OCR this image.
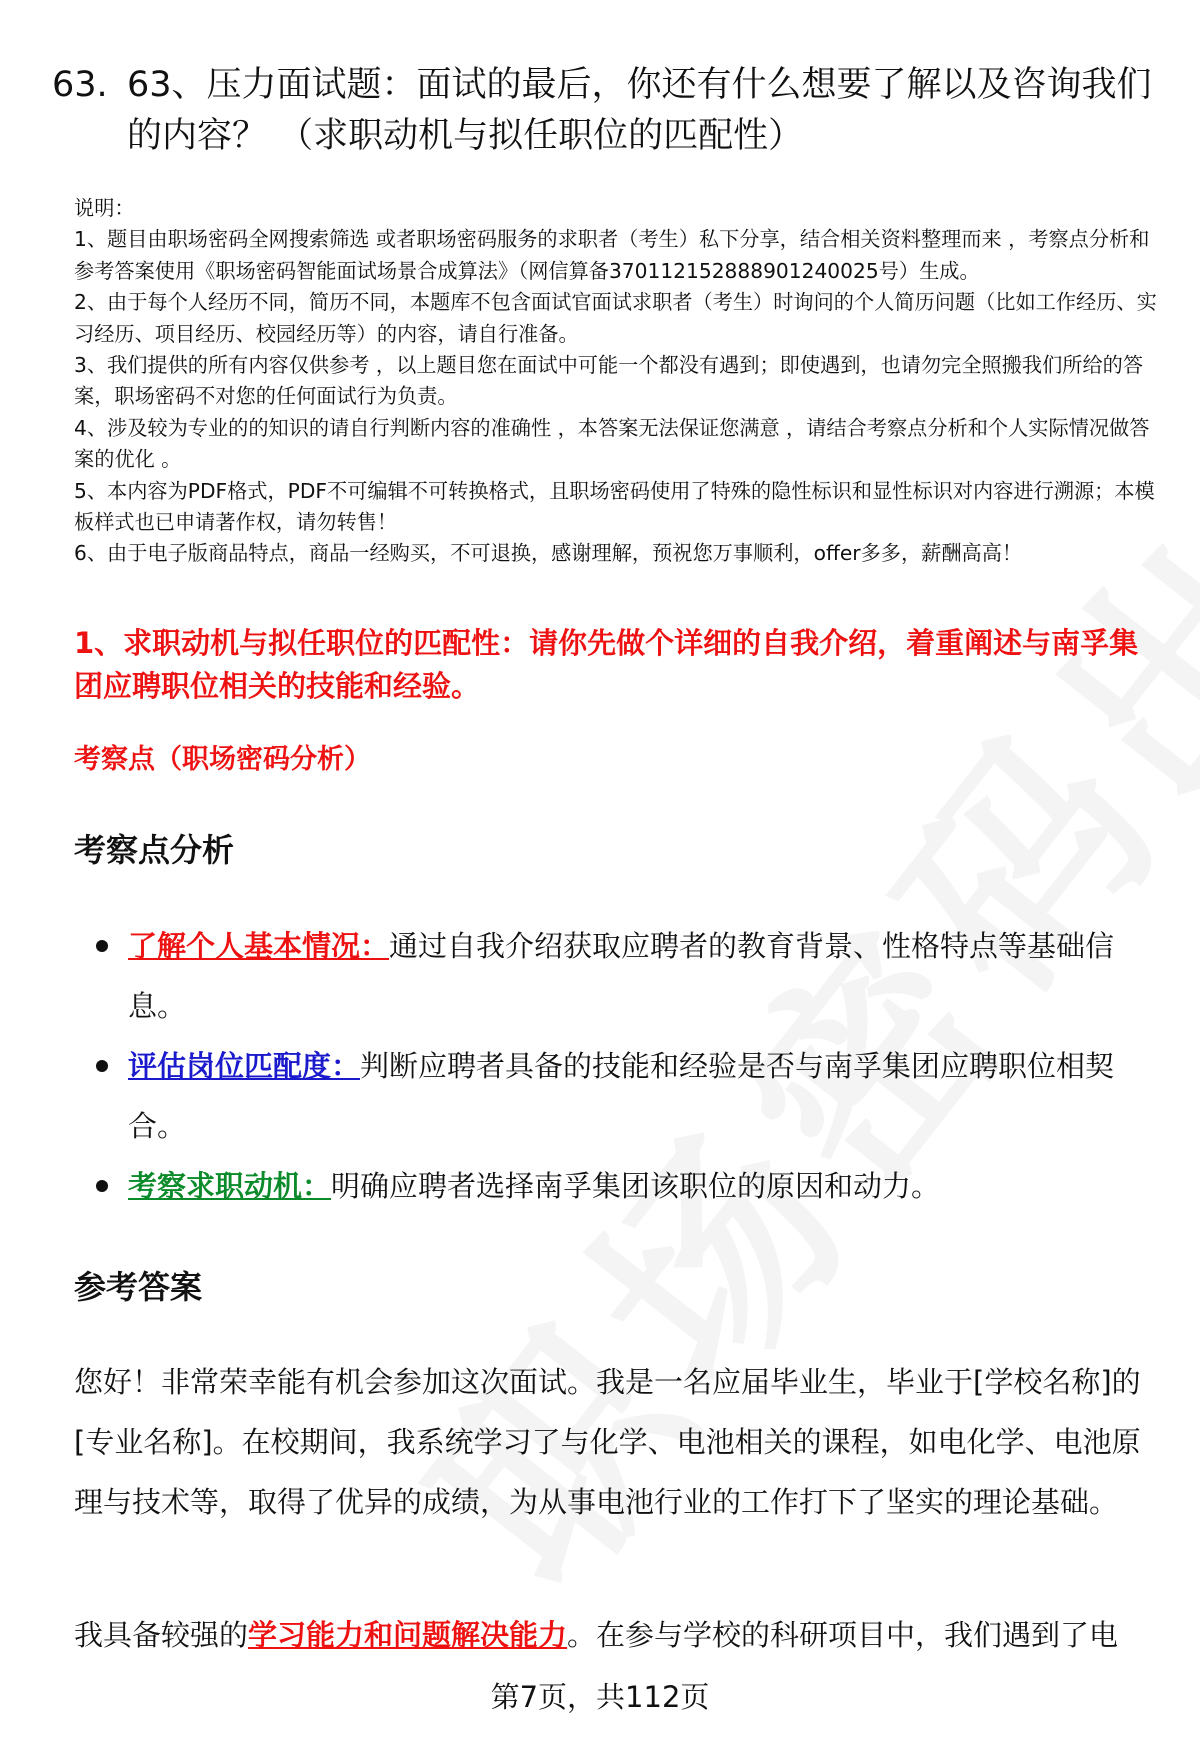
63. 63、压力面试题：面试的最后，你还有什么想要了解以及咨询我们的内容？ （求职动机与拟任职位的匹配性）

说明：

1、题目由职场密码全网搜索筛选 或者职场密码服务的求职者（考生）私下分享，结合相关资料整理而来 ，考察点分析和参考答案使用《职场密码智能面试场景合成算法》（网信算备370112152888901240025号）生成。

2、由于每个人经历不同，简历不同，本题库不包含面试官面试求职者（考生）时询问的个人简历问题（比如工作经历、实习经历、项目经历、校园经历等）的内容，请自行准备。

3、我们提供的所有内容仅供参考 ，以上题目您在面试中可能一个都没有遇到；即使遇到，也请勿完全照搬我们所给的答案，职场密码不对您的任何面试行为负责。

4、涉及较为专业的的知识的请自行判断内容的准确性 ，本答案无法保证您满意 ，请结合考察点分析和个人实际情况做答案的优化 。

5、本内容为PDF格式，PDF不可编辑不可转换格式，且职场密码使用了特殊的隐性标识和显性标识对内容进行溯源；本模板样式也已申请著作权，请勿转售！

6、由于电子版商品特点，商品一经购买，不可退换，感谢理解，预祝您万事顺利，offer多多，薪酬高高！

1、求职动机与拟任职位的匹配性：请你先做个详细的自我介绍，着重阐述与南孚集团应聘职位相关的技能和经验。
考察点（职场密码分析）
考察点分析
了解个人基本情况：通过自我介绍获取应聘者的教育背景、性格特点等基础信息。
评估岗位匹配度：判断应聘者具备的技能和经验是否与南孚集团应聘职位相契合。
考察求职动机：明确应聘者选择南孚集团该职位的原因和动力。
参考答案

您好！非常荣幸能有机会参加这次面试。我是一名应届毕业生，毕业于[学校名称]的[专业名称]。在校期间，我系统学习了与化学、电池相关的课程，如电化学、电池原理与技术等，取得了优异的成绩，为从事电池行业的工作打下了坚实的理论基础。

我具备较强的学习能力和问题解决能力。在参与学校的科研项目中，我们遇到了电

第7页，共112页
